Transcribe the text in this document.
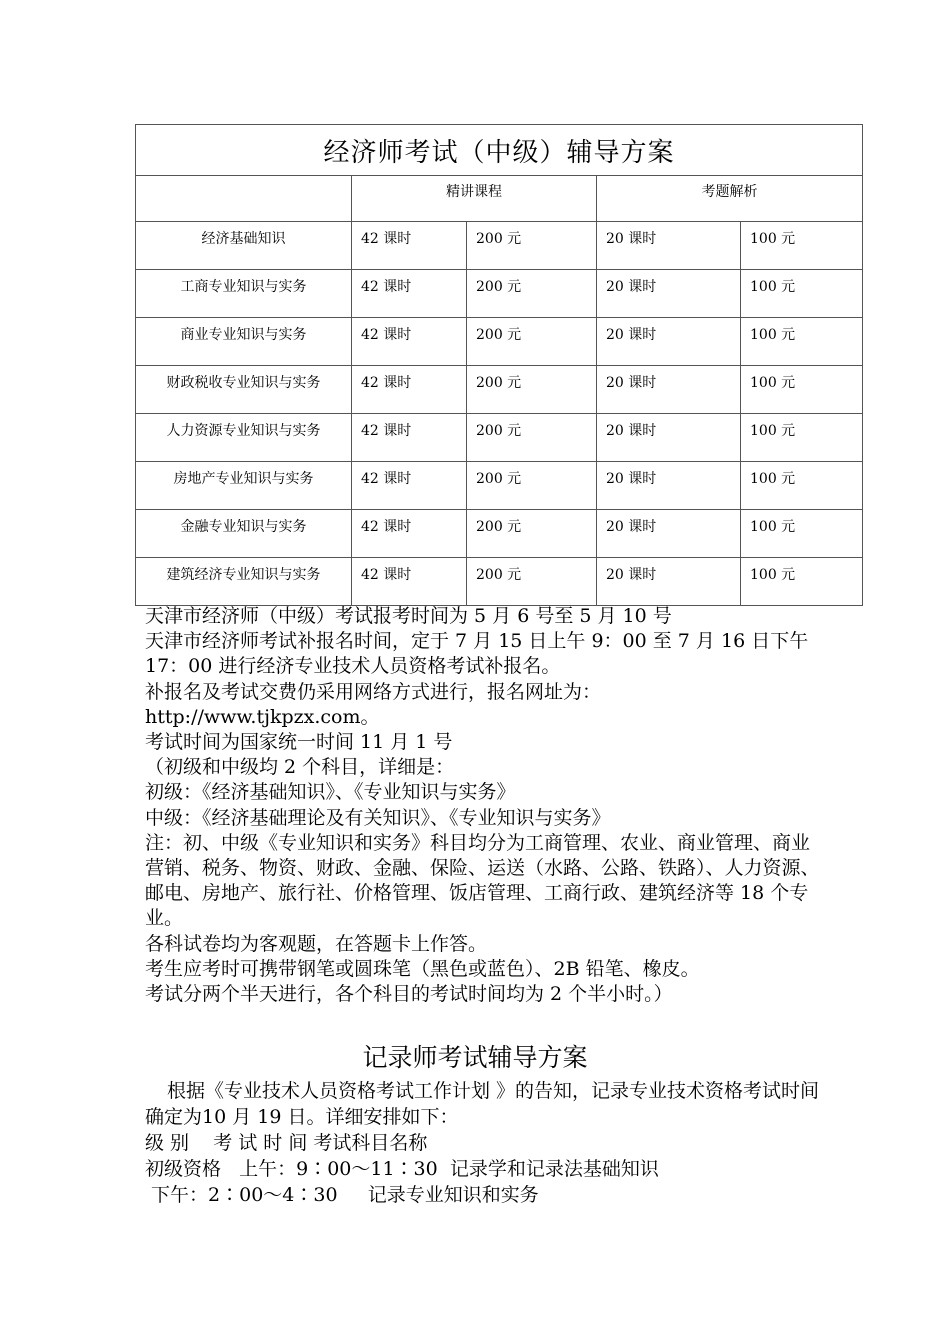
经济师考试（中级）辅导方案				
	精讲课程		考题解析	
经济基础知识	42 课时	200 元	20 课时	100 元
工商专业知识与实务	42 课时	200 元	20 课时	100 元
商业专业知识与实务	42 课时	200 元	20 课时	100 元
财政税收专业知识与实务	42 课时	200 元	20 课时	100 元
人力资源专业知识与实务	42 课时	200 元	20 课时	100 元
房地产专业知识与实务	42 课时	200 元	20 课时	100 元
金融专业知识与实务	42 课时	200 元	20 课时	100 元
建筑经济专业知识与实务	42 课时	200 元	20 课时	100 元

天津市经济师（中级）考试报考时间为 5 月 6 号至 5 月 10 号

天津市经济师考试补报名时间，定于 7 月 15 日上午 9：00 至 7 月 16 日下午 17：00 进行经济专业技术人员资格考试补报名。

补报名及考试交费仍采用网络方式进行，报名网址为：http://www.tjkpzx.com。

考试时间为国家统一时间 11 月 1 号

（初级和中级均 2 个科目，详细是：

初级：《经济基础知识》、《专业知识与实务》

中级：《经济基础理论及有关知识》、《专业知识与实务》

注：初、中级《专业知识和实务》科目均分为工商管理、农业、商业管理、商业营销、税务、物资、财政、金融、保险、运送（水路、公路、铁路）、人力资源、邮电、房地产、旅行社、价格管理、饭店管理、工商行政、建筑经济等 18 个专业。

各科试卷均为客观题，在答题卡上作答。

考生应考时可携带钢笔或圆珠笔（黑色或蓝色）、2B 铅笔、橡皮。

考试分两个半天进行，各个科目的考试时间均为 2 个半小时。）

记录师考试辅导方案

根据《专业技术人员资格考试工作计划 》的告知，记录专业技术资格考试时间确定为10 月 19 日。详细安排如下：

级 别    考 试 时 间 考试科目名称

初级资格   上午：9∶00～11∶30  记录学和记录法基础知识

下午：2∶00～4∶30     记录专业知识和实务
